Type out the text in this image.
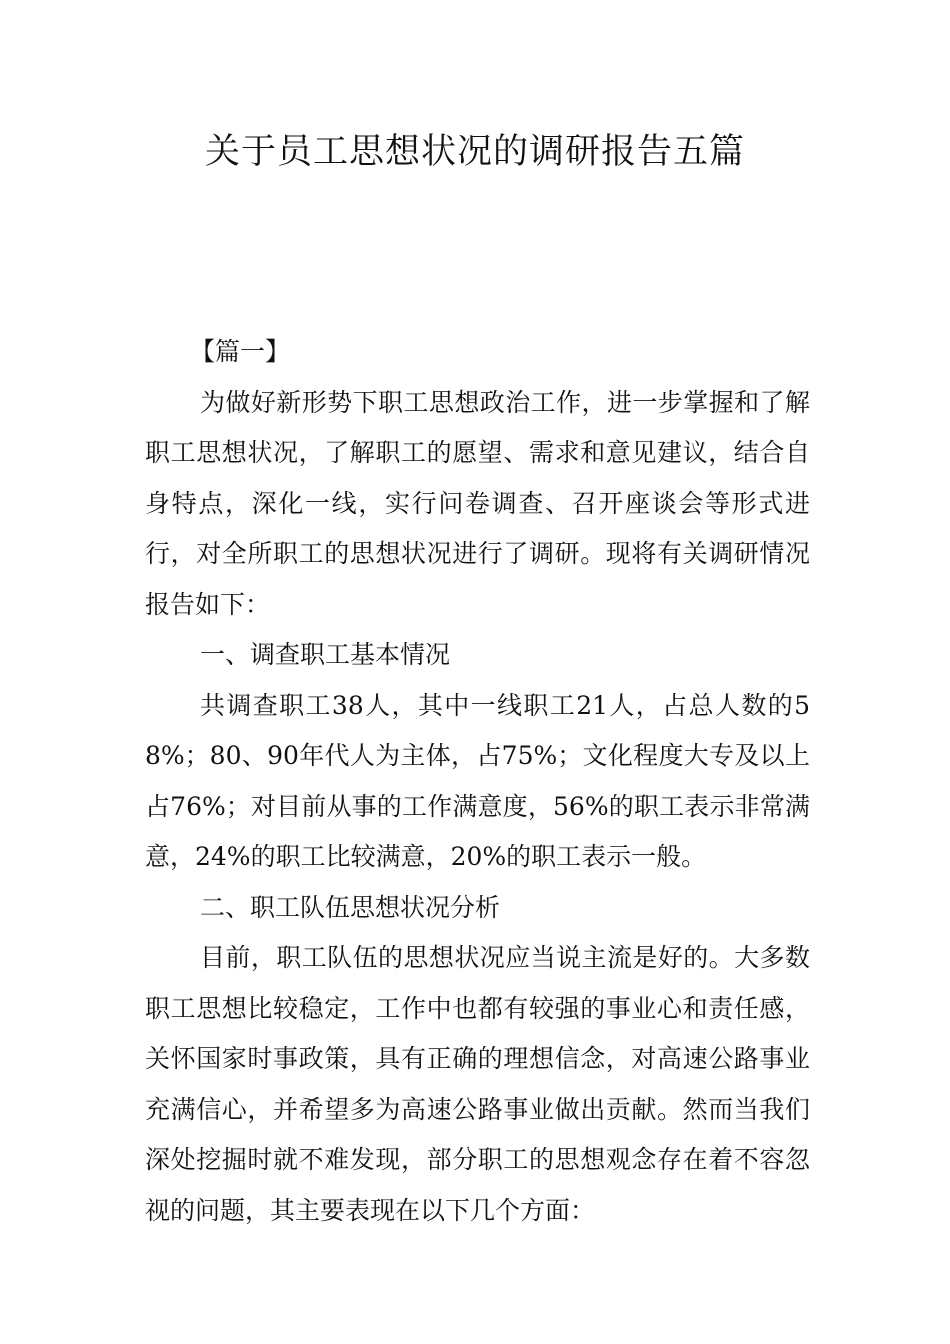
关于员工思想状况的调研报告五篇

【篇一】

为做好新形势下职工思想政治工作，进一步掌握和了解职工思想状况，了解职工的愿望、需求和意见建议，结合自身特点，深化一线，实行问卷调查、召开座谈会等形式进行，对全所职工的思想状况进行了调研。现将有关调研情况报告如下：

一、调查职工基本情况

共调查职工38人，其中一线职工21人，占总人数的58%；80、90年代人为主体，占75%；文化程度大专及以上占76%；对目前从事的工作满意度，56%的职工表示非常满意，24%的职工比较满意，20%的职工表示一般。

二、职工队伍思想状况分析

目前，职工队伍的思想状况应当说主流是好的。大多数职工思想比较稳定，工作中也都有较强的事业心和责任感，关怀国家时事政策，具有正确的理想信念，对高速公路事业充满信心，并希望多为高速公路事业做出贡献。然而当我们深处挖掘时就不难发现，部分职工的思想观念存在着不容忽视的问题，其主要表现在以下几个方面：
